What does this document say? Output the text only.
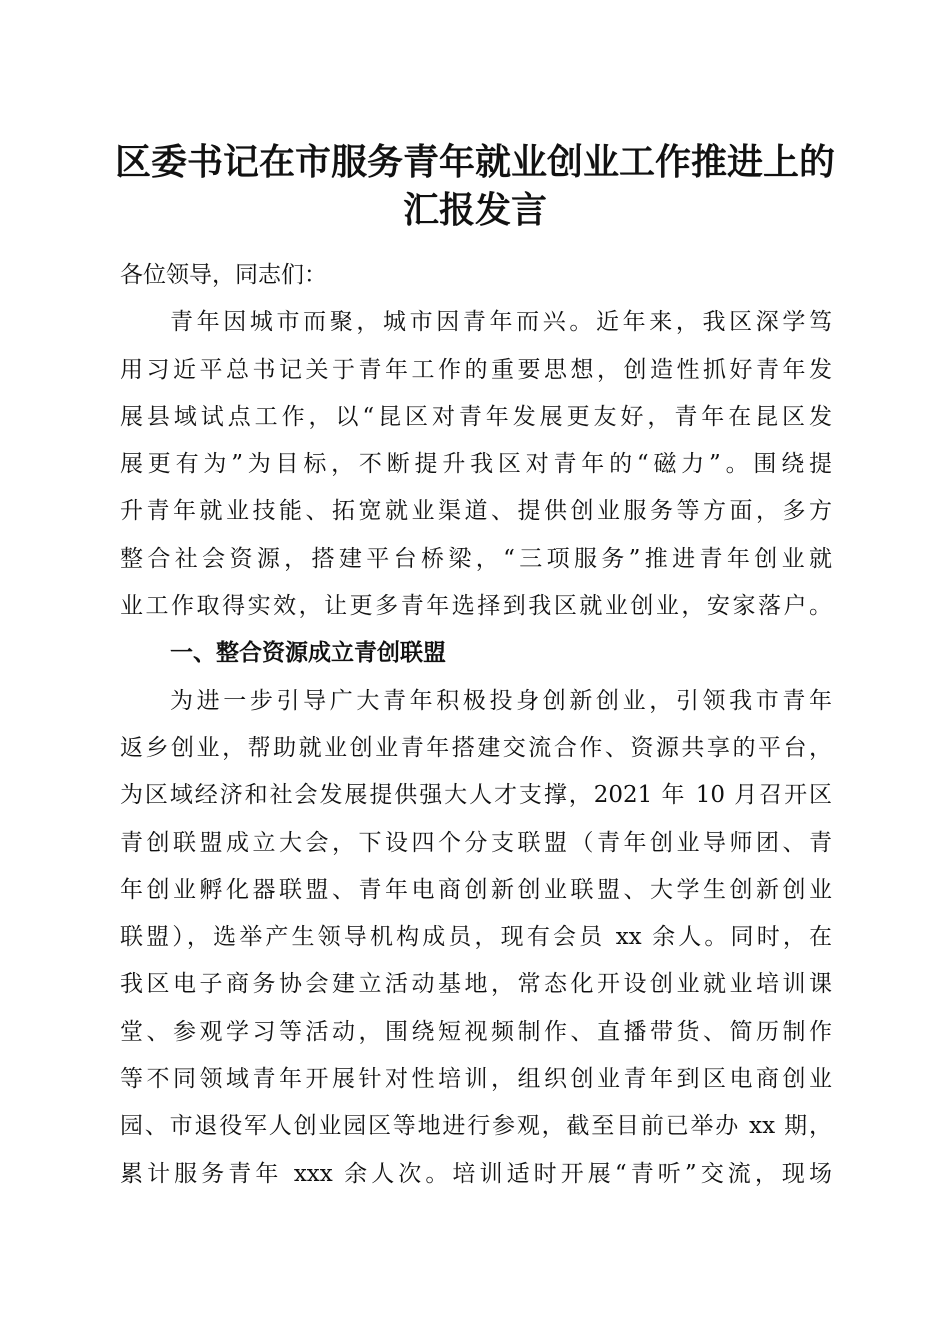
区委书记在市服务青年就业创业工作推进上的
汇报发言
各位领导，同志们：
青年因城市而聚，城市因青年而兴。近年来，我区深学笃
用习近平总书记关于青年工作的重要思想，创造性抓好青年发
展县域试点工作，以“昆区对青年发展更友好，青年在昆区发
展更有为”为目标，不断提升我区对青年的“磁力”。围绕提
升青年就业技能、拓宽就业渠道、提供创业服务等方面，多方
整合社会资源，搭建平台桥梁，“三项服务”推进青年创业就
业工作取得实效，让更多青年选择到我区就业创业，安家落户。
一、整合资源成立青创联盟
为进一步引导广大青年积极投身创新创业，引领我市青年
返乡创业，帮助就业创业青年搭建交流合作、资源共享的平台，
为区域经济和社会发展提供强大人才支撑，2021 年 10 月召开区
青创联盟成立大会，下设四个分支联盟（青年创业导师团、青
年创业孵化器联盟、青年电商创新创业联盟、大学生创新创业
联盟），选举产生领导机构成员，现有会员 xx 余人。同时，在
我区电子商务协会建立活动基地，常态化开设创业就业培训课
堂、参观学习等活动，围绕短视频制作、直播带货、简历制作
等不同领域青年开展针对性培训，组织创业青年到区电商创业
园、市退役军人创业园区等地进行参观，截至目前已举办 xx 期，
累计服务青年 xxx 余人次。培训适时开展“青听”交流，现场
